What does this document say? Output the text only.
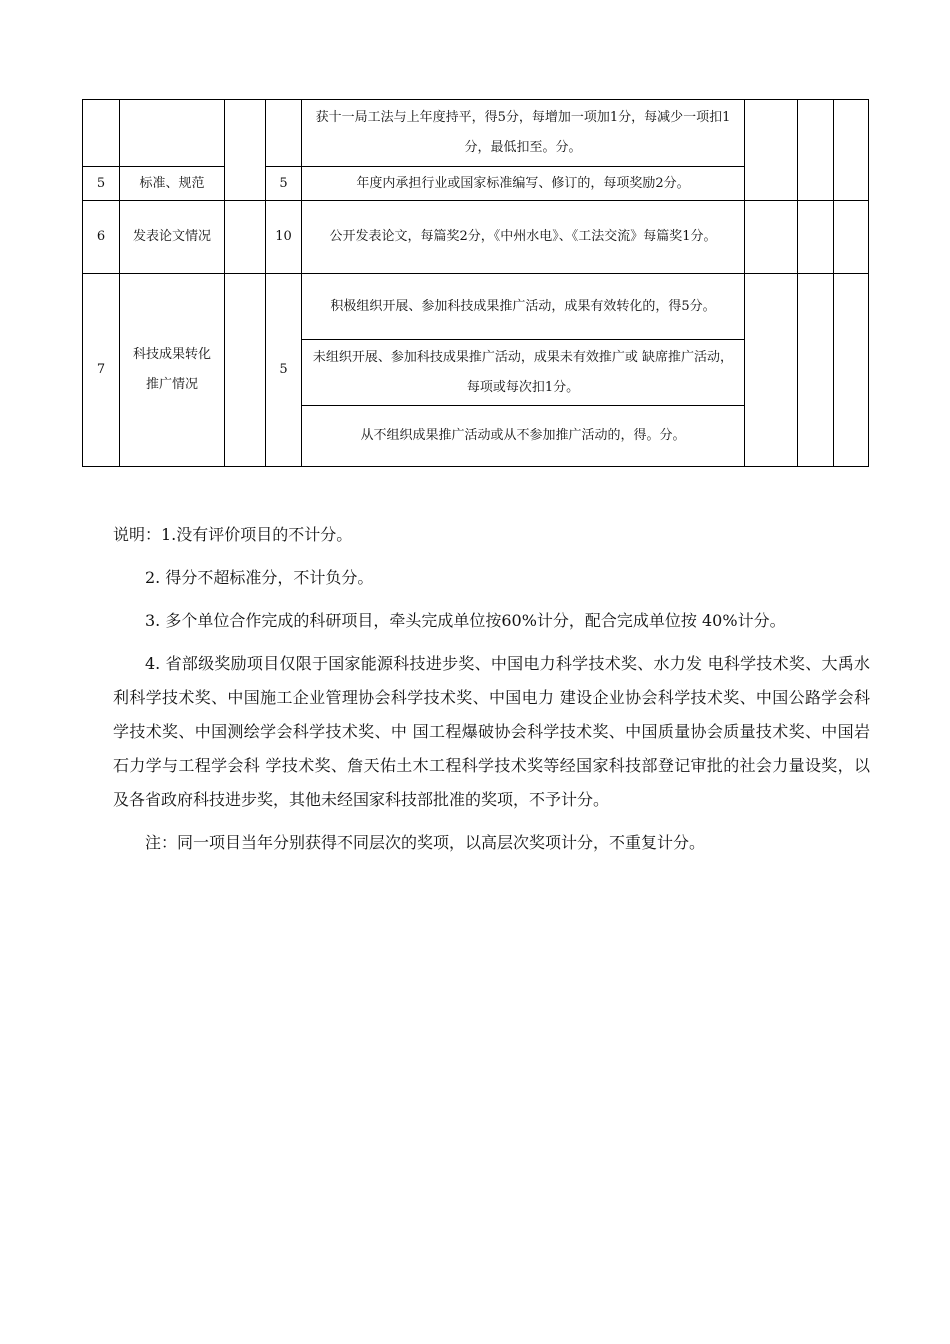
				获十一局工法与上年度持平，得5分，每增加一项加1分，每减少一项扣1分，最低扣至。分。			
5	标准、规范		5	年度内承担行业或国家标准编写、修订的，每项奖励2分。			
6	发表论文情况		10	公开发表论文，每篇奖2分，《中州水电》、《工法交流》每篇奖1分。			
7	科技成果转化推广情况		5	积极组织开展、参加科技成果推广活动，成果有效转化的，得5分。			
				未组织开展、参加科技成果推广活动，成果未有效推广或 缺席推广活动，每项或每次扣1分。			
				从不组织成果推广活动或从不参加推广活动的，得。分。			

说明：1.没有评价项目的不计分。

2. 得分不超标准分，不计负分。

3. 多个单位合作完成的科研项目，牵头完成单位按60%计分，配合完成单位按 40%计分。

4. 省部级奖励项目仅限于国家能源科技进步奖、中国电力科学技术奖、水力发 电科学技术奖、大禹水利科学技术奖、中国施工企业管理协会科学技术奖、中国电力 建设企业协会科学技术奖、中国公路学会科学技术奖、中国测绘学会科学技术奖、中 国工程爆破协会科学技术奖、中国质量协会质量技术奖、中国岩石力学与工程学会科 学技术奖、詹天佑土木工程科学技术奖等经国家科技部登记审批的社会力量设奖，以 及各省政府科技进步奖，其他未经国家科技部批准的奖项，不予计分。

注：同一项目当年分别获得不同层次的奖项，以高层次奖项计分，不重复计分。
